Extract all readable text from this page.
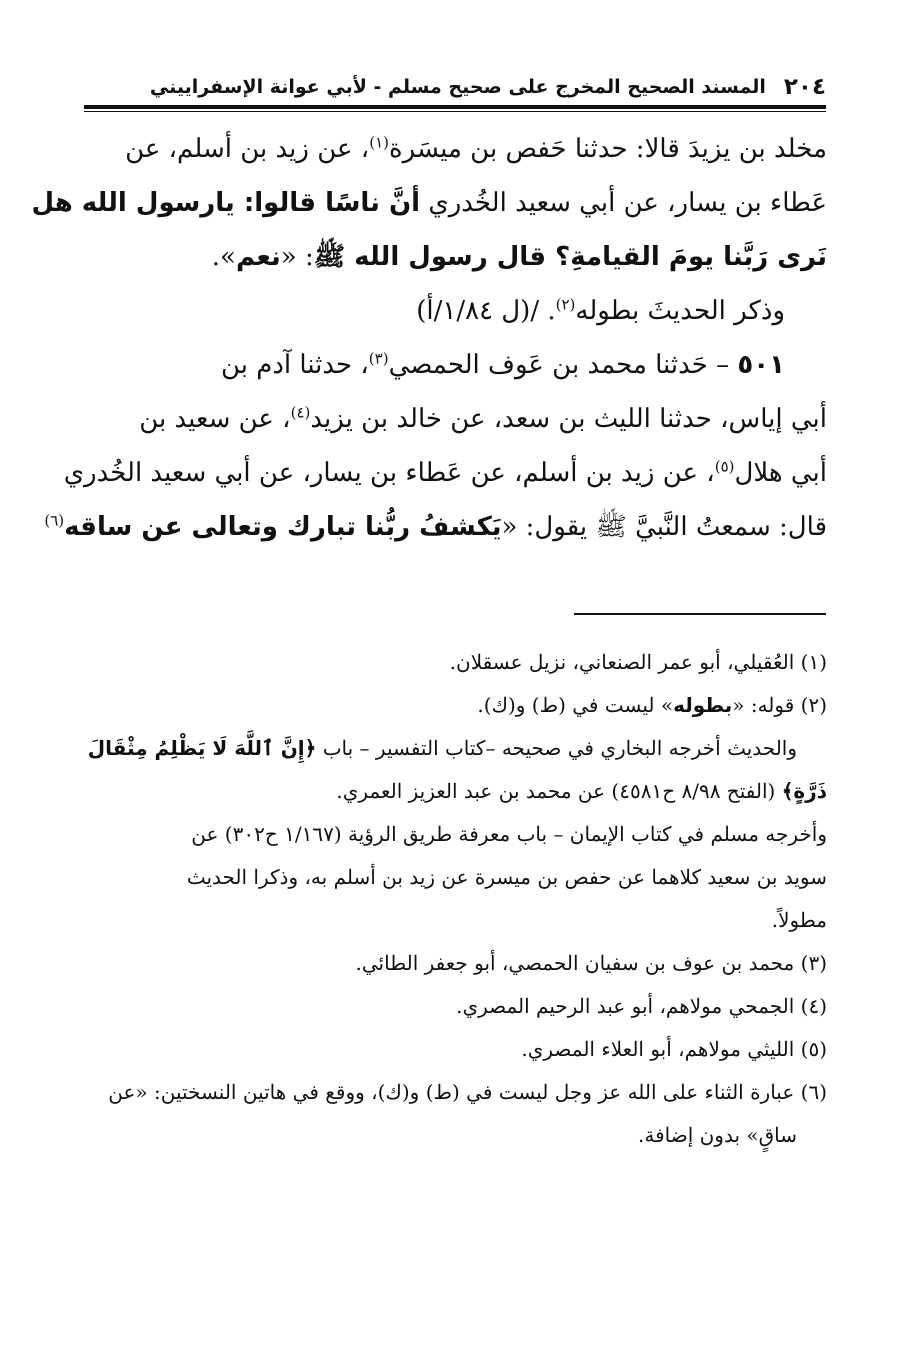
٢٠٤
المسند الصحيح المخرج على صحيح مسلم - لأبي عوانة الإسفراييني
مخلد بن يزيدَ قالا: حدثنا حَفص بن ميسَرة$^{(١)}$، عن زيد بن أسلم، عن
عَطاء بن يسار، عن أبي سعيد الخُدري أنَّ ناسًا قالوا: يارسول الله هل
نَرى رَبَّنا يومَ القيامةِ؟ قال رسول الله ﷺ: «نعم».
وذكر الحديثَ بطوله$^{(٢)}$. /(ل ١/٨٤/أ)
٥٠١ – حَدثنا محمد بن عَوف الحمصي$^{(٣)}$، حدثنا آدم بن
أبي إياس، حدثنا الليث بن سعد، عن خالد بن يزيد$^{(٤)}$، عن سعيد بن
أبي هلال$^{(٥)}$، عن زيد بن أسلم، عن عَطاء بن يسار، عن أبي سعيد الخُدري
قال: سمعتُ النَّبيَّ ﷺ يقول: «يَكشفُ ربُّنا تبارك وتعالى عن ساقه$^{(٦)}$
(١) العُقيلي، أبو عمر الصنعاني، نزيل عسقلان.
(٢) قوله: «بطوله» ليست في (ط) و(ك).
والحديث أخرجه البخاري في صحيحه –كتاب التفسير – باب ﴿إِنَّ ٱللَّهَ لَا يَظْلِمُ مِثْقَالَ
ذَرَّةٍ﴾ (الفتح ٨/٩٨ ح٤٥٨١) عن محمد بن عبد العزيز العمري.
وأخرجه مسلم في كتاب الإيمان – باب معرفة طريق الرؤية (١/١٦٧ ح٣٠٢) عن
سويد بن سعيد كلاهما عن حفص بن ميسرة عن زيد بن أسلم به، وذكرا الحديث
مطولاً.
(٣) محمد بن عوف بن سفيان الحمصي، أبو جعفر الطائي.
(٤) الجمحي مولاهم، أبو عبد الرحيم المصري.
(٥) الليثي مولاهم، أبو العلاء المصري.
(٦) عبارة الثناء على الله عز وجل ليست في (ط) و(ك)، ووقع في هاتين النسختين: «عن
ساقٍ» بدون إضافة.
